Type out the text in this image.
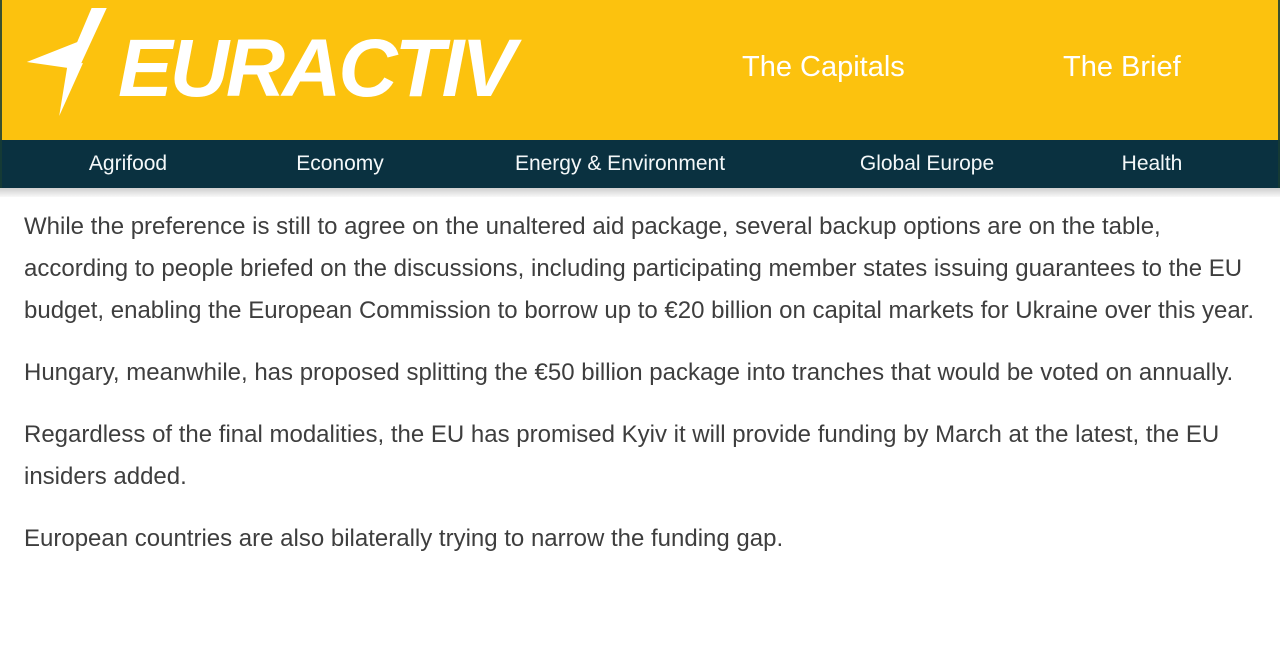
EURACTIV	The Capitals	The Brief
Agrifood	Economy	Energy & Environment	Global Europe	Health

While the preference is still to agree on the unaltered aid package, several backup options are on the table, according to people briefed on the discussions, including participating member states issuing guarantees to the EU budget, enabling the European Commission to borrow up to €20 billion on capital markets for Ukraine over this year.

Hungary, meanwhile, has proposed splitting the €50 billion package into tranches that would be voted on annually.

Regardless of the final modalities, the EU has promised Kyiv it will provide funding by March at the latest, the EU insiders added.

European countries are also bilaterally trying to narrow the funding gap.
